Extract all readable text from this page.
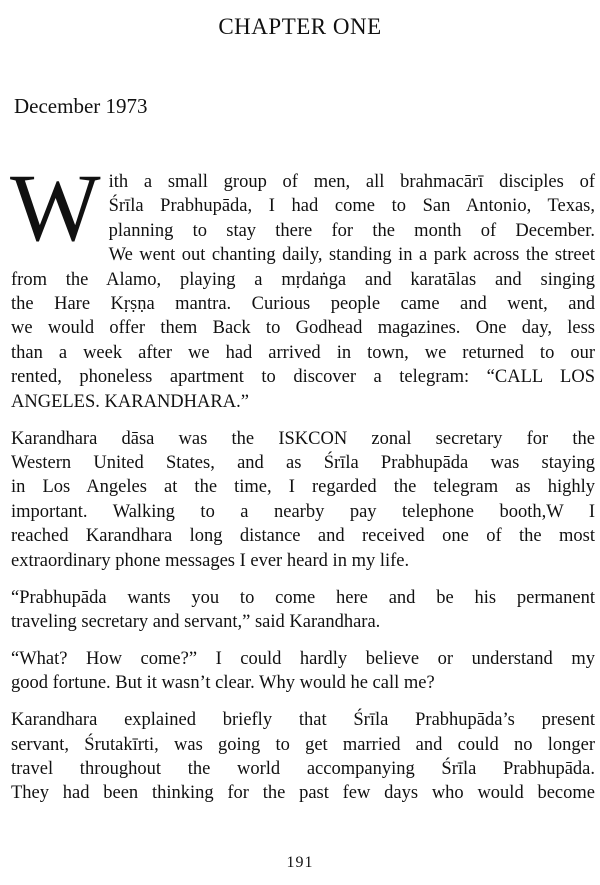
CHAPTER ONE
December 1973

W ith a small group of men, all brahmacārī disciples of
Śrīla Prabhupāda, I had come to San Antonio, Texas,
planning to stay there for the month of December.
We went out chanting daily, standing in a park across the street
from the Alamo, playing a mṛdaṅga and karatālas and singing
the Hare Kṛṣṇa mantra. Curious people came and went, and
we would offer them Back to Godhead magazines. One day, less
than a week after we had arrived in town, we returned to our
rented, phoneless apartment to discover a telegram: “CALL LOS
ANGELES. KARANDHARA.”

Karandhara dāsa was the ISKCON zonal secretary for the
Western United States, and as Śrīla Prabhupāda was staying
in Los Angeles at the time, I regarded the telegram as highly
important. Walking to a nearby pay telephone booth,W I
reached Karandhara long distance and received one of the most
extraordinary phone messages I ever heard in my life.

“Prabhupāda wants you to come here and be his permanent
traveling secretary and servant,” said Karandhara.

“What? How come?” I could hardly believe or understand my
good fortune. But it wasn’t clear. Why would he call me?

Karandhara explained briefly that Śrīla Prabhupāda’s present
servant, Śrutakīrti, was going to get married and could no longer
travel throughout the world accompanying Śrīla Prabhupāda.
They had been thinking for the past few days who would become

191
